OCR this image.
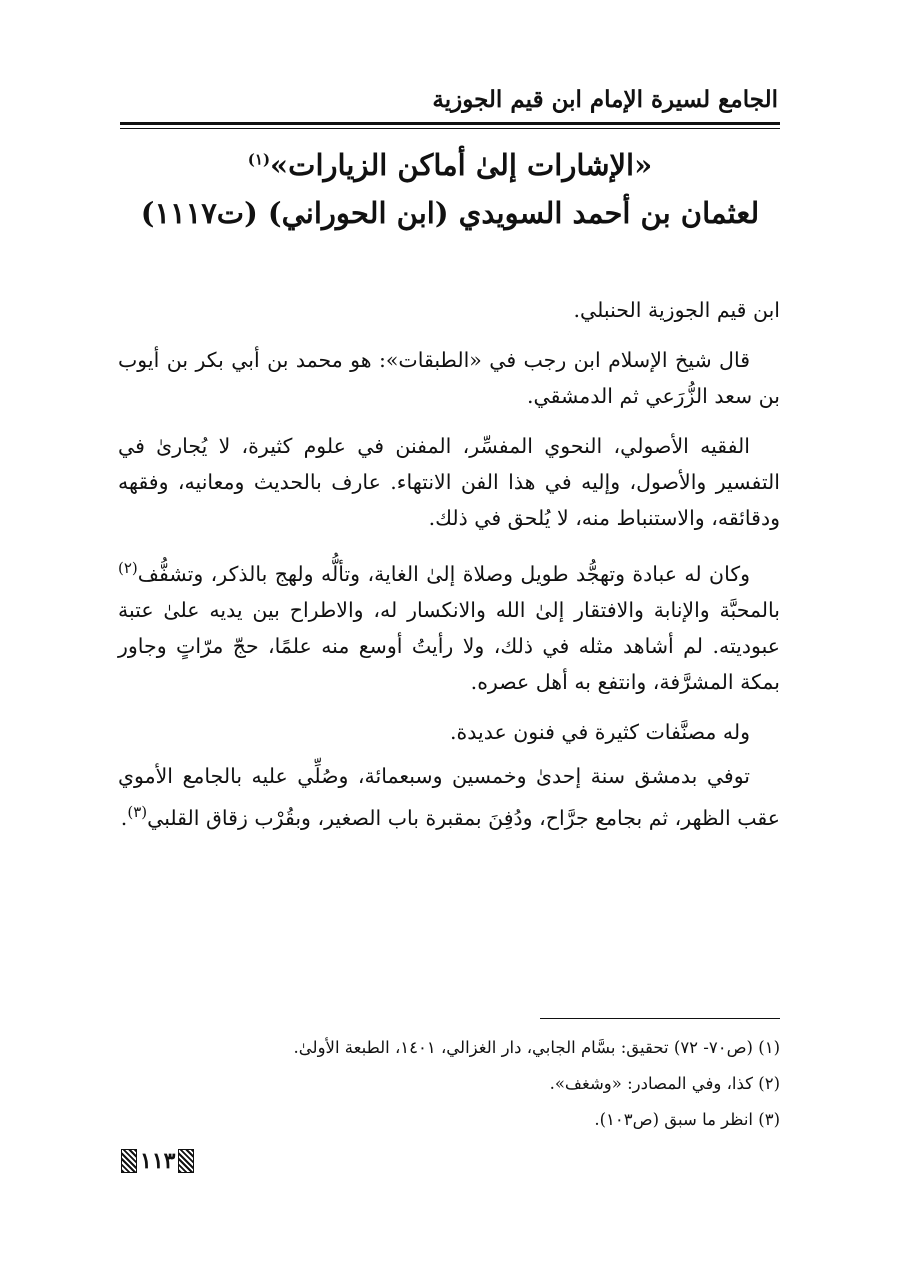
الجامع لسيرة الإمام ابن قيم الجوزية
«الإشارات إلىٰ أماكن الزيارات»$^{(١)}$
لعثمان بن أحمد السويدي (ابن الحوراني) (ت١١١٧)

ابن قيم الجوزية الحنبلي.

قال شيخ الإسلام ابن رجب في «الطبقات»: هو محمد بن أبي بكر بن أيوب بن سعد الزُّرَعي ثم الدمشقي.

الفقيه الأصولي، النحوي المفسِّر، المفنن في علوم كثيرة، لا يُجارىٰ في التفسير والأصول، وإليه في هذا الفن الانتهاء. عارف بالحديث ومعانيه، وفقهه ودقائقه، والاستنباط منه، لا يُلحق في ذلك.

وكان له عبادة وتهجُّد طويل وصلاة إلىٰ الغاية، وتألُّه ولهج بالذكر، وتشفُّف$^{(٢)}$ بالمحبَّة والإنابة والافتقار إلىٰ الله والانكسار له، والاطراح بين يديه علىٰ عتبة عبوديته. لم أشاهد مثله في ذلك، ولا رأيتُ أوسع منه علمًا، حجّ مرّاتٍ وجاور بمكة المشرَّفة، وانتفع به أهل عصره.

وله مصنَّفات كثيرة في فنون عديدة.

توفي بدمشق سنة إحدىٰ وخمسين وسبعمائة، وصُلِّي عليه بالجامع الأموي عقب الظهر، ثم بجامع جرَّاح، ودُفِنَ بمقبرة باب الصغير، وبقُرْب زقاق القلبي$^{(٣)}$.

(١) (ص٧٠- ٧٢) تحقيق: بسَّام الجابي، دار الغزالي، ١٤٠١، الطبعة الأولىٰ.
(٢) كذا، وفي المصادر: «وشغف».
(٣) انظر ما سبق (ص١٠٣).
١١٣
